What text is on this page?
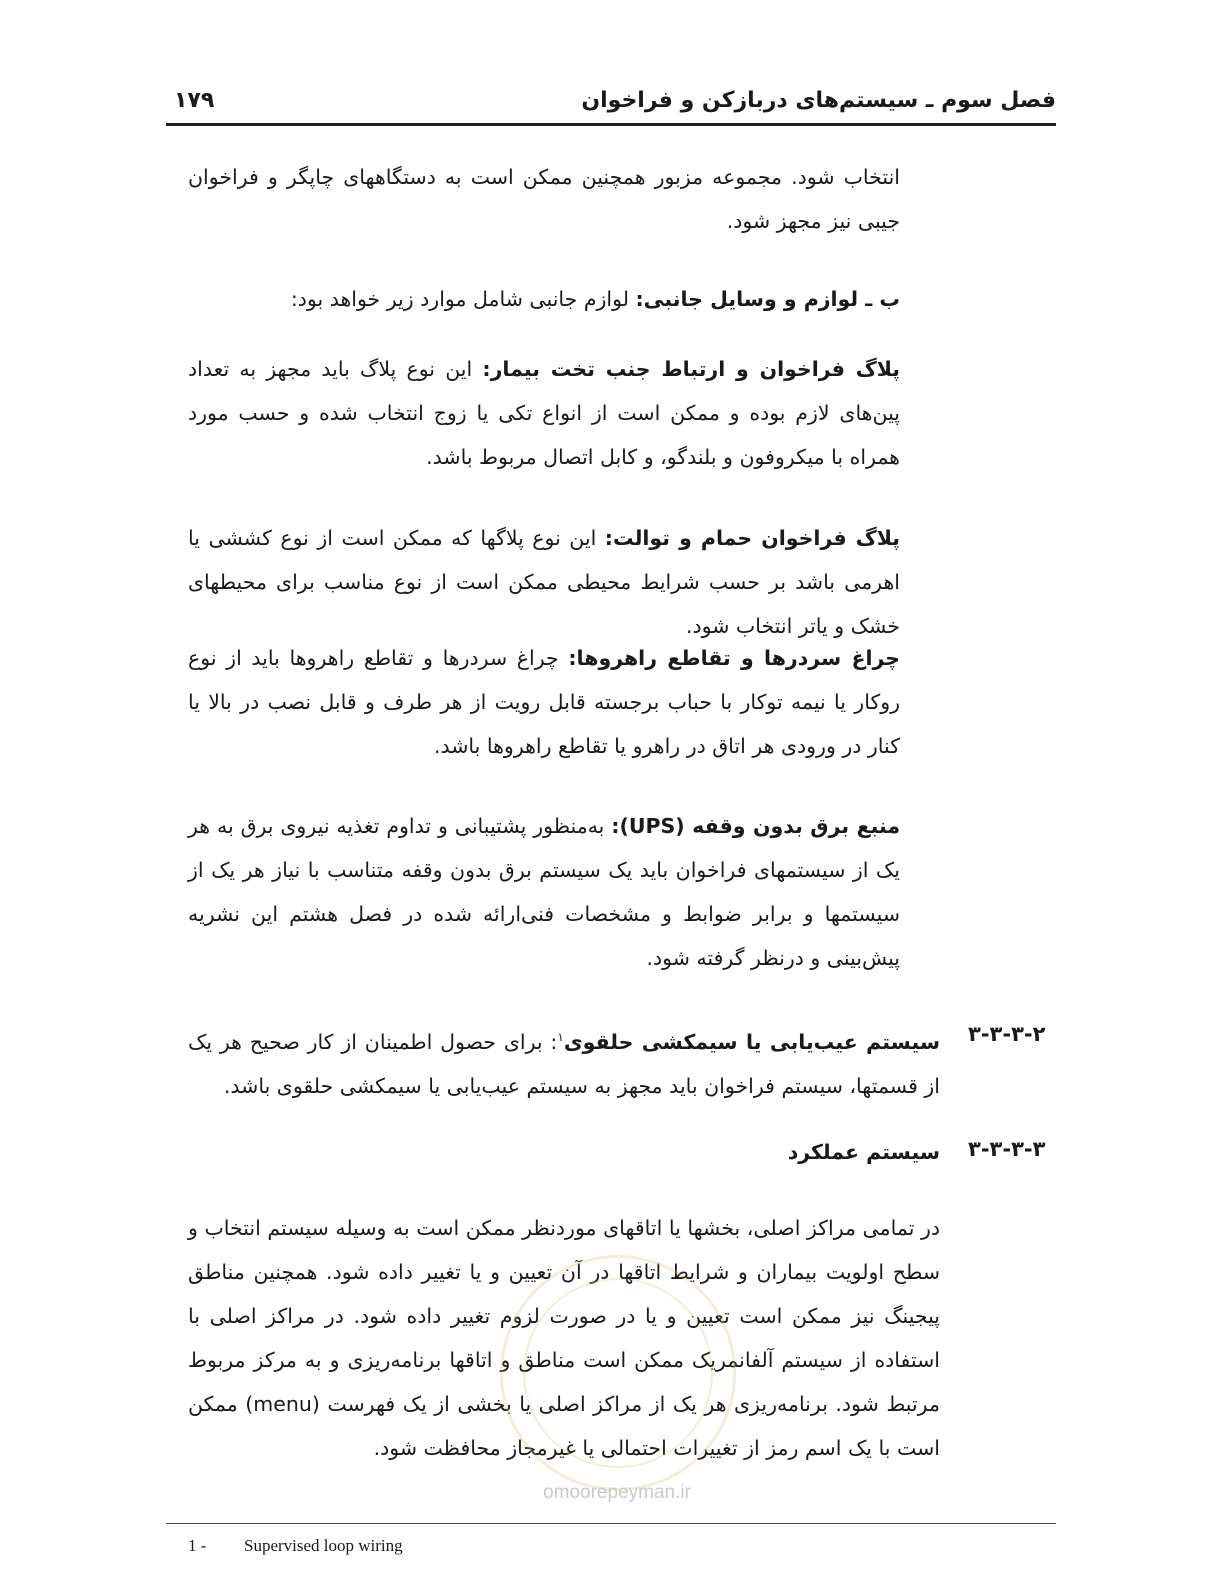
فصل سوم ـ سیستم‌های دربازکن و فراخوان
۱۷۹
انتخاب شود. مجموعه مزبور همچنین ممکن است به دستگاههای چاپگر و فراخوان جیبی نیز مجهز شود.
ب ـ لوازم و وسایل جانبی: لوازم جانبی شامل موارد زیر خواهد بود:
پلاگ فراخوان و ارتباط جنب تخت بیمار: این نوع پلاگ باید مجهز به تعداد پین‌های لازم بوده و ممکن است از انواع تکی یا زوج انتخاب شده و حسب مورد همراه با میکروفون و بلندگو، و کابل اتصال مربوط باشد.
پلاگ فراخوان حمام و توالت: این نوع پلاگها که ممکن است از نوع کششی یا اهرمی باشد بر حسب شرایط محیطی ممکن است از نوع مناسب برای محیطهای خشک و یاتر انتخاب شود.
چراغ سردرها و تقاطع راهروها: چراغ سردرها و تقاطع راهروها باید از نوع روکار یا نیمه توکار با حباب برجسته قابل رویت از هر طرف و قابل نصب در بالا یا کنار در ورودی هر اتاق در راهرو یا تقاطع راهروها باشد.
منبع برق بدون وقفه (UPS): به‌منظور پشتیبانی و تداوم تغذیه نیروی برق به هر یک از سیستمهای فراخوان باید یک سیستم برق بدون وقفه متناسب با نیاز هر یک از سیستمها و برابر ضوابط و مشخصات فنی‌ارائه شده در فصل هشتم این نشریه پیش‌بینی و درنظر گرفته شود.
۳-۳-۳-۲
سیستم عیب‌یابی یا سیمکشی حلقوی$^۱$: برای حصول اطمینان از کار صحیح هر یک از قسمتها، سیستم فراخوان باید مجهز به سیستم عیب‌یابی یا سیمکشی حلقوی باشد.
۳-۳-۳-۳
سیستم عملکرد
در تمامی مراکز اصلی، بخشها یا اتاقهای موردنظر ممکن است به وسیله سیستم انتخاب و سطح اولویت بیماران و شرایط اتاقها در آن تعیین و یا تغییر داده شود. همچنین مناطق پیجینگ نیز ممکن است تعیین و یا در صورت لزوم تغییر داده شود. در مراکز اصلی با استفاده از سیستم آلفانمریک ممکن است مناطق و اتاقها برنامه‌ریزی و به مرکز مربوط مرتبط شود. برنامه‌ریزی هر یک از مراکز اصلی یا بخشی از یک فهرست (menu) ممکن است با یک اسم رمز از تغییرات احتمالی یا غیرمجاز محافظت شود.
omoorepeyman.ir
1 - Supervised loop wiring
